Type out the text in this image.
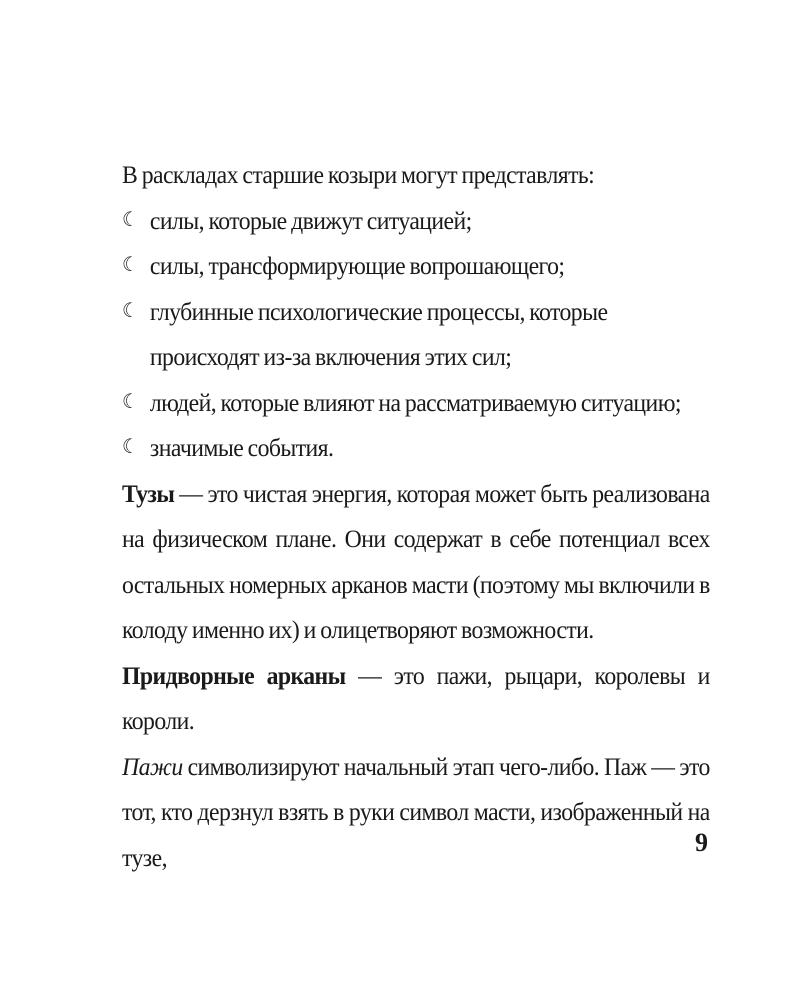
В раскладах старшие козыри могут представлять:

☾ силы, которые движут ситуацией;
☾ силы, трансформирующие вопрошающего;
☾ глубинные психологические процессы, которые происходят из-за включения этих сил;
☾ людей, которые влияют на рассматриваемую ситуацию;
☾ значимые события.

Тузы — это чистая энергия, которая может быть реализована на физическом плане. Они содержат в себе потенциал всех остальных номерных арканов масти (поэтому мы включили в колоду именно их) и олицетворяют возможности.

Придворные арканы — это пажи, рыцари, королевы и короли.

Пажи символизируют начальный этап чего-либо. Паж — это тот, кто дерзнул взять в руки символ масти, изображенный на тузе,	9
